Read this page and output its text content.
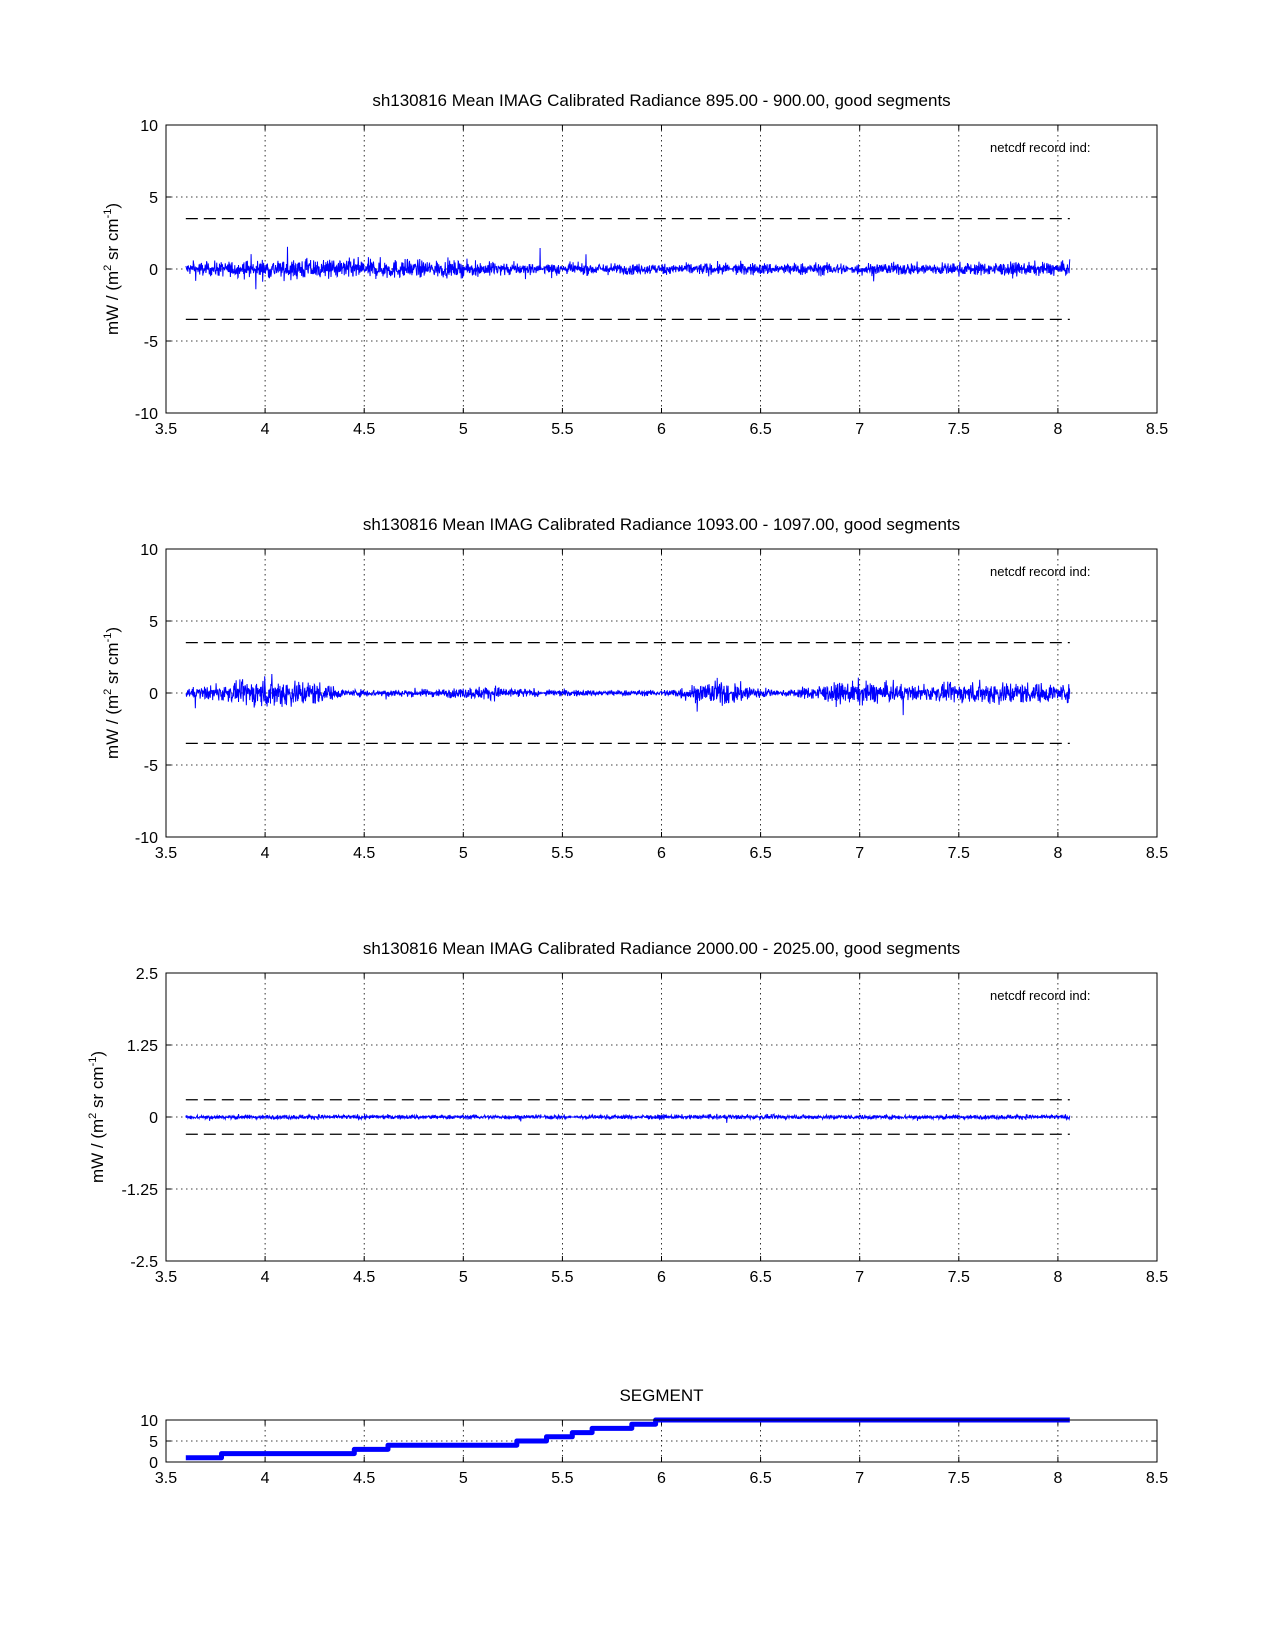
sh130816 Mean IMAG Calibrated Radiance 895.00 - 900.00, good segments
3.5	4	4.5	5	5.5	6	6.5	7	7.5	8	8.5
-10
-5
0
5
10
mW / ($m^2$ sr $cm^{-1}$)
netcdf record ind:
sh130816 Mean IMAG Calibrated Radiance 1093.00 - 1097.00, good segments
3.5	4	4.5	5	5.5	6	6.5	7	7.5	8	8.5
-10
-5
0
5
10
mW / ($m^2$ sr $cm^{-1}$)
netcdf record ind:
sh130816 Mean IMAG Calibrated Radiance 2000.00 - 2025.00, good segments
3.5	4	4.5	5	5.5	6	6.5	7	7.5	8	8.5
-2.5
-1.25
0
1.25
2.5
mW / ($m^2$ sr $cm^{-1}$)
netcdf record ind:
SEGMENT
3.5	4	4.5	5	5.5	6	6.5	7	7.5	8	8.5
0
5
10
